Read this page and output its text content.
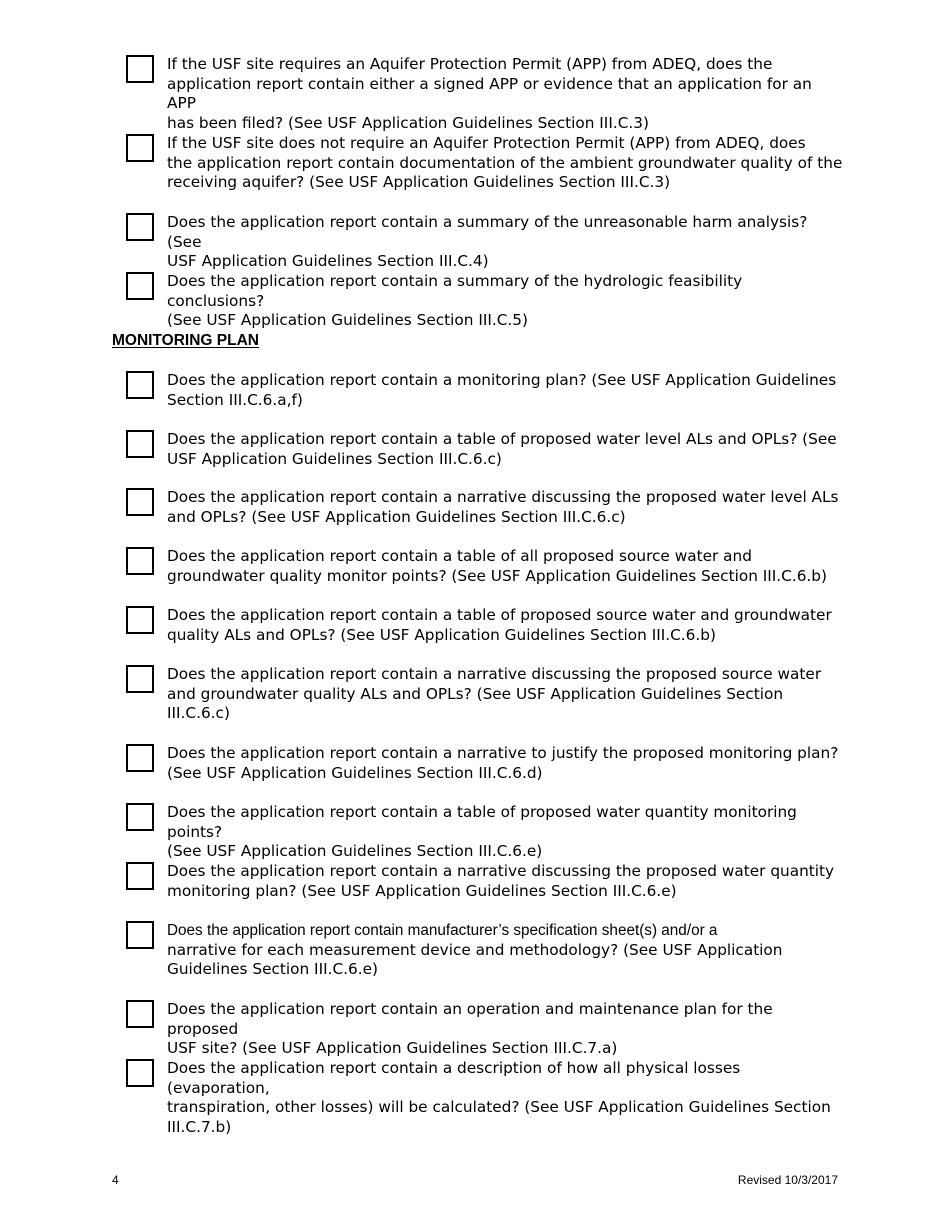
If the USF site requires an Aquifer Protection Permit (APP) from ADEQ, does the
application report contain either a signed APP or evidence that an application for an APP
has been filed? (See USF Application Guidelines Section III.C.3)
If the USF site does not require an Aquifer Protection Permit (APP) from ADEQ, does
the application report contain documentation of the ambient groundwater quality of the
receiving aquifer? (See USF Application Guidelines Section III.C.3)
Does the application report contain a summary of the unreasonable harm analysis? (See
USF Application Guidelines Section III.C.4)
Does the application report contain a summary of the hydrologic feasibility conclusions?
(See USF Application Guidelines Section III.C.5)
MONITORING PLAN
Does the application report contain a monitoring plan? (See USF Application Guidelines
Section III.C.6.a,f)
Does the application report contain a table of proposed water level ALs and OPLs? (See
USF Application Guidelines Section III.C.6.c)
Does the application report contain a narrative discussing the proposed water level ALs
and OPLs? (See USF Application Guidelines Section III.C.6.c)
Does the application report contain a table of all proposed source water and
groundwater quality monitor points? (See USF Application Guidelines Section III.C.6.b)
Does the application report contain a table of proposed source water and groundwater
quality ALs and OPLs? (See USF Application Guidelines Section III.C.6.b)
Does the application report contain a narrative discussing the proposed source water
and groundwater quality ALs and OPLs? (See USF Application Guidelines Section
III.C.6.c)
Does the application report contain a narrative to justify the proposed monitoring plan?
(See USF Application Guidelines Section III.C.6.d)
Does the application report contain a table of proposed water quantity monitoring points?
(See USF Application Guidelines Section III.C.6.e)
Does the application report contain a narrative discussing the proposed water quantity
monitoring plan? (See USF Application Guidelines Section III.C.6.e)
Does the application report contain manufacturer’s specification sheet(s) and/or a
narrative for each measurement device and methodology? (See USF Application
Guidelines Section III.C.6.e)
Does the application report contain an operation and maintenance plan for the proposed
USF site? (See USF Application Guidelines Section III.C.7.a)
Does the application report contain a description of how all physical losses (evaporation,
transpiration, other losses) will be calculated? (See USF Application Guidelines Section
III.C.7.b)
4	Revised 10/3/2017
